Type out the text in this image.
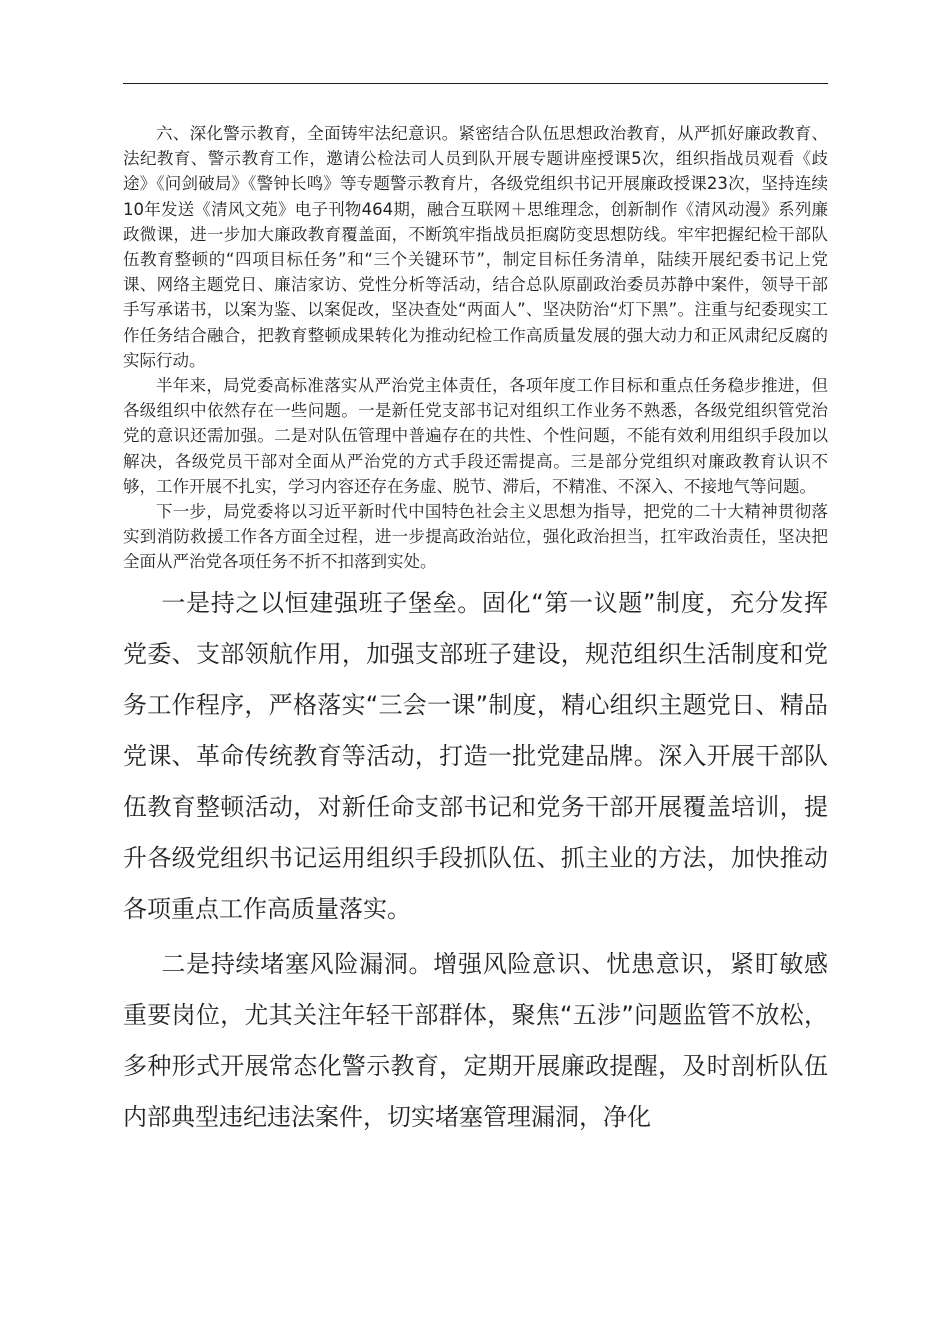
六、深化警示教育，全面铸牢法纪意识。紧密结合队伍思想政治教育，从严抓好廉政教育、法纪教育、警示教育工作，邀请公检法司人员到队开展专题讲座授课5次，组织指战员观看《歧途》《问剑破局》《警钟长鸣》等专题警示教育片，各级党组织书记开展廉政授课23次，坚持连续10年发送《清风文苑》电子刊物464期，融合互联网＋思维理念，创新制作《清风动漫》系列廉政微课，进一步加大廉政教育覆盖面，不断筑牢指战员拒腐防变思想防线。牢牢把握纪检干部队伍教育整顿的“四项目标任务”和“三个关键环节”，制定目标任务清单，陆续开展纪委书记上党课、网络主题党日、廉洁家访、党性分析等活动，结合总队原副政治委员苏静中案件，领导干部手写承诺书，以案为鉴、以案促改，坚决查处“两面人”、坚决防治“灯下黑”。注重与纪委现实工作任务结合融合，把教育整顿成果转化为推动纪检工作高质量发展的强大动力和正风肃纪反腐的实际行动。

半年来，局党委高标准落实从严治党主体责任，各项年度工作目标和重点任务稳步推进，但各级组织中依然存在一些问题。一是新任党支部书记对组织工作业务不熟悉，各级党组织管党治党的意识还需加强。二是对队伍管理中普遍存在的共性、个性问题，不能有效利用组织手段加以解决，各级党员干部对全面从严治党的方式手段还需提高。三是部分党组织对廉政教育认识不够，工作开展不扎实，学习内容还存在务虚、脱节、滞后，不精准、不深入、不接地气等问题。

下一步，局党委将以习近平新时代中国特色社会主义思想为指导，把党的二十大精神贯彻落实到消防救援工作各方面全过程，进一步提高政治站位，强化政治担当，扛牢政治责任，坚决把全面从严治党各项任务不折不扣落到实处。

一是持之以恒建强班子堡垒。固化“第一议题”制度，充分发挥党委、支部领航作用，加强支部班子建设，规范组织生活制度和党务工作程序，严格落实“三会一课”制度，精心组织主题党日、精品党课、革命传统教育等活动，打造一批党建品牌。深入开展干部队伍教育整顿活动，对新任命支部书记和党务干部开展覆盖培训，提升各级党组织书记运用组织手段抓队伍、抓主业的方法，加快推动各项重点工作高质量落实。

二是持续堵塞风险漏洞。增强风险意识、忧患意识，紧盯敏感重要岗位，尤其关注年轻干部群体，聚焦“五涉”问题监管不放松，多种形式开展常态化警示教育，定期开展廉政提醒，及时剖析队伍内部典型违纪违法案件，切实堵塞管理漏洞，净化
